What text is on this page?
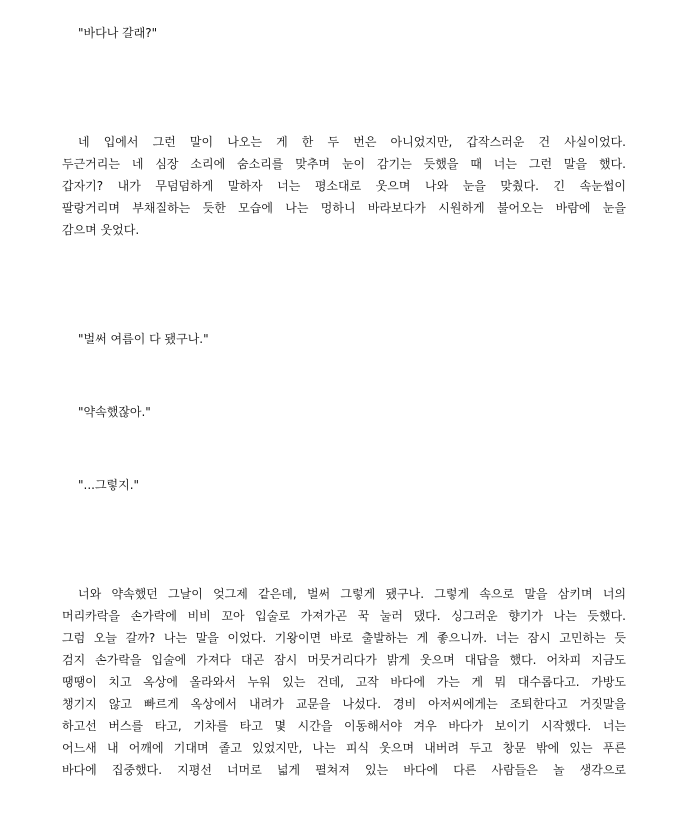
"바다나 갈래?"

네 입에서 그런 말이 나오는 게 한 두 번은 아니었지만, 갑작스러운 건 사실이었다.
두근거리는 네 심장 소리에 숨소리를 맞추며 눈이 감기는 듯했을 때 너는 그런 말을 했다.
갑자기? 내가 무덤덤하게 말하자 너는 평소대로 웃으며 나와 눈을 맞췄다. 긴 속눈썹이
팔랑거리며 부채질하는 듯한 모습에 나는 멍하니 바라보다가 시원하게 불어오는 바람에 눈을
감으며 웃었다.

"벌써 여름이 다 됐구나."

"약속했잖아."

"...그렇지."

너와 약속했던 그날이 엊그제 같은데, 벌써 그렇게 됐구나. 그렇게 속으로 말을 삼키며 너의
머리카락을 손가락에 비비 꼬아 입술로 가져가곤 꾹 눌러 댔다. 싱그러운 향기가 나는 듯했다.
그럼 오늘 갈까? 나는 말을 이었다. 기왕이면 바로 출발하는 게 좋으니까. 너는 잠시 고민하는 듯
검지 손가락을 입술에 가져다 대곤 잠시 머뭇거리다가 밝게 웃으며 대답을 했다. 어차피 지금도
땡땡이 치고 옥상에 올라와서 누워 있는 건데, 고작 바다에 가는 게 뭐 대수롭다고. 가방도
챙기지 않고 빠르게 옥상에서 내려가 교문을 나섰다. 경비 아저씨에게는 조퇴한다고 거짓말을
하고선 버스를 타고, 기차를 타고 몇 시간을 이동해서야 겨우 바다가 보이기 시작했다. 너는
어느새 내 어깨에 기대며 졸고 있었지만, 나는 피식 웃으며 내버려 두고 창문 밖에 있는 푸른
바다에 집중했다. 지평선 너머로 넓게 펼쳐져 있는 바다에 다른 사람들은 놀 생각으로
